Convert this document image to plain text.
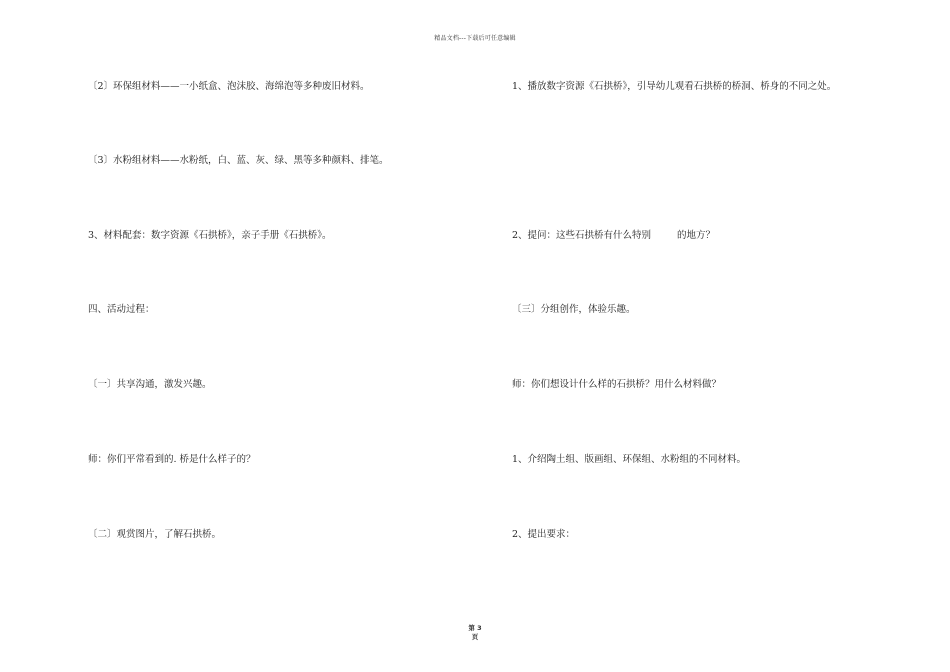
精品文档---下载后可任意编辑
〔2〕环保组材料——一小纸盒、泡沫胶、海绵泡等多种废旧材料。
〔3〕水粉组材料——水粉纸，白、蓝、灰、绿、黑等多种颜料、排笔。
3、材料配套：数字资源《石拱桥》，亲子手册《石拱桥》。
四、活动过程：
〔一〕共享沟通，激发兴趣。
师：你们平常看到的. 桥是什么样子的？
〔二〕观赏图片，了解石拱桥。
1、播放数字资源《石拱桥》，引导幼儿观看石拱桥的桥洞、桥身的不同之处。
2、提问：这些石拱桥有什么特别	的地方？
〔三〕分组创作，体验乐趣。
师：你们想设计什么样的石拱桥？用什么材料做？
1、介绍陶土组、版画组、环保组、水粉组的不同材料。
2、提出要求：
第 3
页
